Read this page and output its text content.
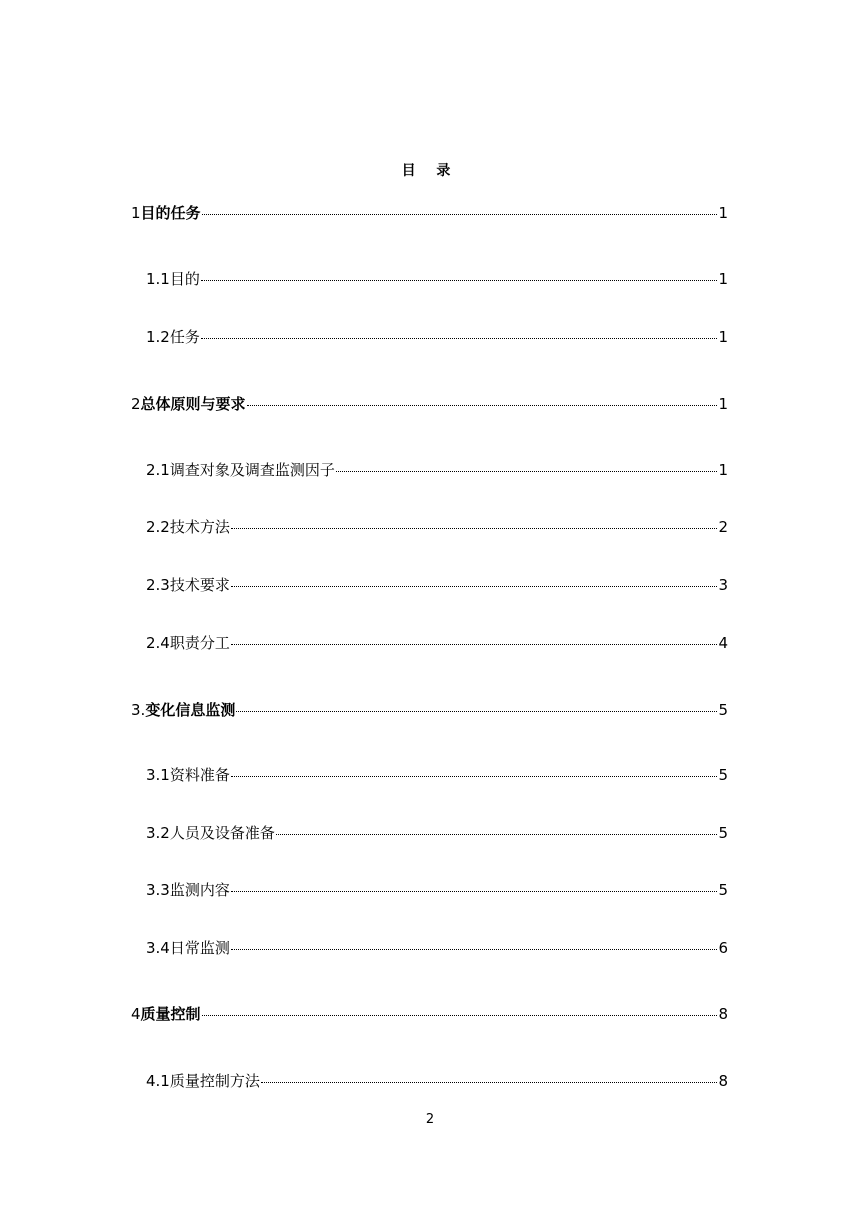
目 录
1 目的任务	1
1.1 目的	1
1.2 任务	1
2 总体原则与要求	1
2.1 调查对象及调查监测因子	1
2.2 技术方法	2
2.3 技术要求	3
2.4 职责分工	4
3. 变化信息监测	5
3.1 资料准备	5
3.2 人员及设备准备	5
3.3 监测内容	5
3.4 日常监测	6
4 质量控制	8
4.1 质量控制方法	8
2
